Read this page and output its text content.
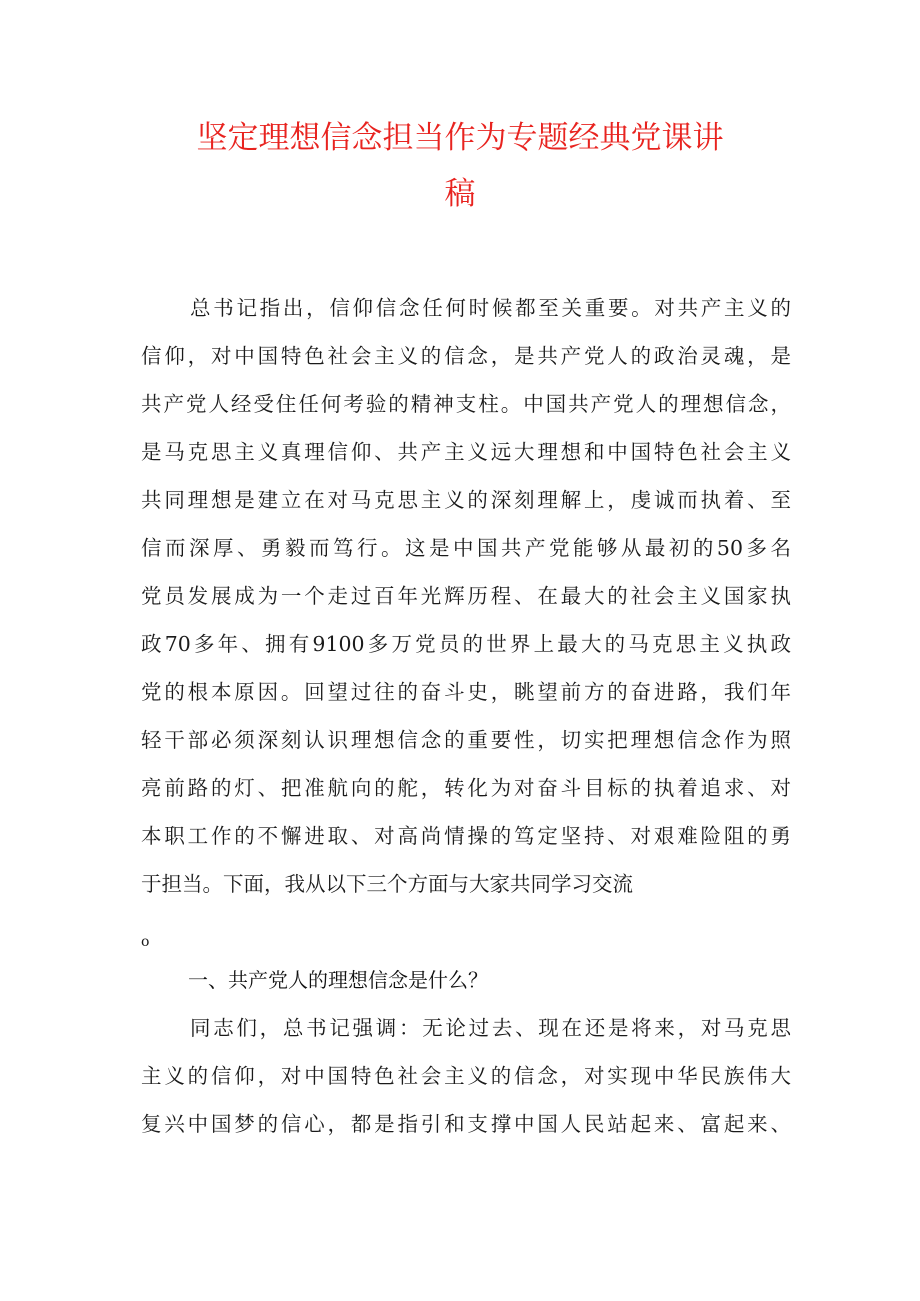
坚定理想信念担当作为专题经典党课讲
稿
总书记指出，信仰信念任何时候都至关重要。对共产主义的
信仰，对中国特色社会主义的信念，是共产党人的政治灵魂，是
共产党人经受住任何考验的精神支柱。中国共产党人的理想信念，
是马克思主义真理信仰、共产主义远大理想和中国特色社会主义
共同理想是建立在对马克思主义的深刻理解上，虔诚而执着、至
信而深厚、勇毅而笃行。这是中国共产党能够从最初的50多名
党员发展成为一个走过百年光辉历程、在最大的社会主义国家执
政70多年、拥有9100多万党员的世界上最大的马克思主义执政
党的根本原因。回望过往的奋斗史，眺望前方的奋进路，我们年
轻干部必须深刻认识理想信念的重要性，切实把理想信念作为照
亮前路的灯、把准航向的舵，转化为对奋斗目标的执着追求、对
本职工作的不懈进取、对高尚情操的笃定坚持、对艰难险阻的勇
于担当。下面，我从以下三个方面与大家共同学习交流
o
一、共产党人的理想信念是什么？
同志们，总书记强调：无论过去、现在还是将来，对马克思
主义的信仰，对中国特色社会主义的信念，对实现中华民族伟大
复兴中国梦的信心，都是指引和支撑中国人民站起来、富起来、
